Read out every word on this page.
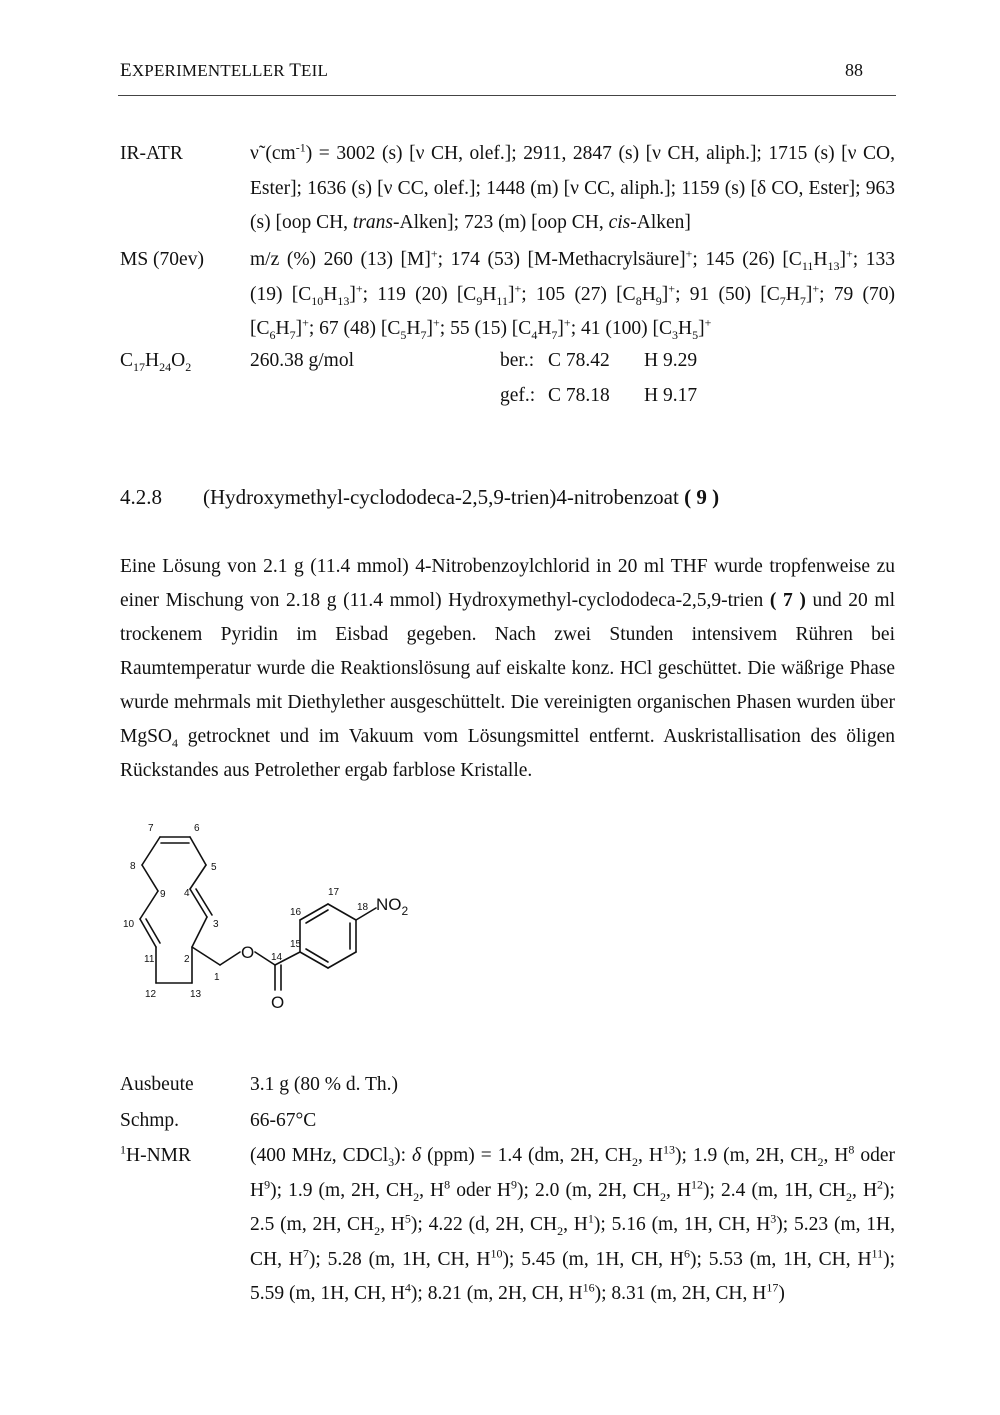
EXPERIMENTELLER TEIL	88
IR-ATR	ν̃ $(cm^{-1}) = 3002$ (s) [ν CH, olef.]; 2911, 2847 (s) [ν CH, aliph.]; 1715 (s) [ν CO, Ester]; 1636 (s) [ν CC, olef.]; 1448 (m) [ν CC, aliph.]; 1159 (s) [δ CO, Ester]; 963 (s) [oop CH, trans-Alken]; 723 (m) [oop CH, cis-Alken]
MS (70ev)	m/z (%) 260 (13) [M]+; 174 (53) [M-Methacrylsäure]+; 145 (26) $[C_{11}H_{13}]^+$; 133 (19) $[C_{10}H_{13}]^+$; 119 (20) $[C_9H_{11}]^+$; 105 (27) $[C_8H_9]^+$; 91 (50) $[C_7H_7]^+$; 79 (70) $[C_6H_7]^+$; 67 (48) $[C_5H_7]^+$; 55 (15) $[C_4H_7]^+$; 41 (100) $[C_3H_5]^+$
$C_{17}H_{24}O_2$	260.38 g/mol	ber.: C 78.42 H 9.29
gef.: C 78.18 H 9.17
4.2.8 (Hydroxymethyl-cyclododeca-2,5,9-trien)4-nitrobenzoat ( 9 )
Eine Lösung von 2.1 g (11.4 mmol) 4-Nitrobenzoylchlorid in 20 ml THF wurde tropfenweise zu einer Mischung von 2.18 g (11.4 mmol) Hydroxymethyl-cyclododeca-2,5,9-trien ( 7 ) und 20 ml trockenem Pyridin im Eisbad gegeben. Nach zwei Stunden intensivem Rühren bei Raumtemperatur wurde die Reaktionslösung auf eiskalte konz. HCl geschüttet. Die wäßrige Phase wurde mehrmals mit Diethylether ausgeschüttelt. Die vereinigten organischen Phasen wurden über MgSO$_4$ getrocknet und im Vakuum vom Lösungsmittel entfernt. Auskristallisation des öligen Rückstandes aus Petrolether ergab farblose Kristalle.
1
2
3
4
5
6
7
8
9
10
11
12	13
14
15
16
17
18
O
O
$NO_2$
Ausbeute	3.1 g (80 % d. Th.)
Schmp.	66-67°C
$^1$H-NMR	(400 MHz, CDCl$_3$): δ (ppm) = 1.4 (dm, 2H, $CH_2$, $H^{13}$); 1.9 (m, 2H, $CH_2$, $H^8$ oder $H^9$); 1.9 (m, 2H, $CH_2$, $H^8$ oder $H^9$); 2.0 (m, 2H, $CH_2$, $H^{12}$); 2.4 (m, 1H, $CH_2$, $H^2$); 2.5 (m, 2H, $CH_2$, $H^5$); 4.22 (d, 2H, $CH_2$, $H^1$); 5.16 (m, 1H, CH, $H^3$); 5.23 (m, 1H, CH, $H^7$); 5.28 (m, 1H, CH, $H^{10}$); 5.45 (m, 1H, CH, $H^6$); 5.53 (m, 1H, CH, $H^{11}$); 5.59 (m, 1H, CH, $H^4$); 8.21 (m, 2H, CH, $H^{16}$); 8.31 (m, 2H, CH, $H^{17}$)
